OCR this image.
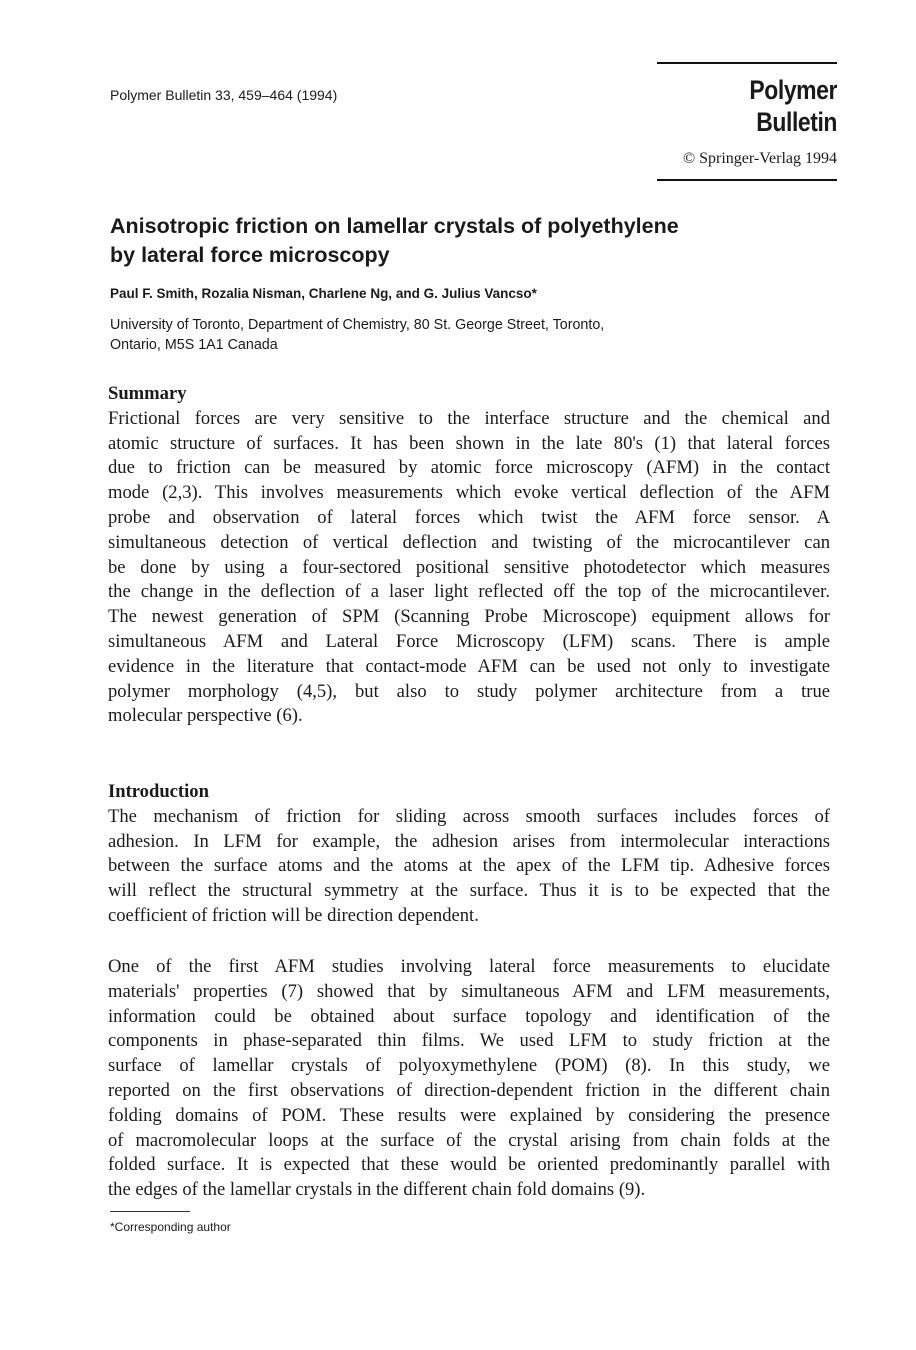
Polymer Bulletin 33, 459–464 (1994)	Polymer Bulletin
© Springer-Verlag 1994
Anisotropic friction on lamellar crystals of polyethylene
by lateral force microscopy
Paul F. Smith, Rozalia Nisman, Charlene Ng, and G. Julius Vancso*
University of Toronto, Department of Chemistry, 80 St. George Street, Toronto,
Ontario, M5S 1A1 Canada
Summary

Frictional forces are very sensitive to the interface structure and the chemical and
atomic structure of surfaces. It has been shown in the late 80's (1) that lateral forces
due to friction can be measured by atomic force microscopy (AFM) in the contact
mode (2,3). This involves measurements which evoke vertical deflection of the AFM
probe and observation of lateral forces which twist the AFM force sensor. A
simultaneous detection of vertical deflection and twisting of the microcantilever can
be done by using a four-sectored positional sensitive photodetector which measures
the change in the deflection of a laser light reflected off the top of the microcantilever.
The newest generation of SPM (Scanning Probe Microscope) equipment allows for
simultaneous AFM and Lateral Force Microscopy (LFM) scans. There is ample
evidence in the literature that contact-mode AFM can be used not only to investigate
polymer morphology (4,5), but also to study polymer architecture from a true
molecular perspective (6).

Introduction

The mechanism of friction for sliding across smooth surfaces includes forces of
adhesion. In LFM for example, the adhesion arises from intermolecular interactions
between the surface atoms and the atoms at the apex of the LFM tip. Adhesive forces
will reflect the structural symmetry at the surface. Thus it is to be expected that the
coefficient of friction will be direction dependent.

One of the first AFM studies involving lateral force measurements to elucidate
materials' properties (7) showed that by simultaneous AFM and LFM measurements,
information could be obtained about surface topology and identification of the
components in phase-separated thin films. We used LFM to study friction at the
surface of lamellar crystals of polyoxymethylene (POM) (8). In this study, we
reported on the first observations of direction-dependent friction in the different chain
folding domains of POM. These results were explained by considering the presence
of macromolecular loops at the surface of the crystal arising from chain folds at the
folded surface. It is expected that these would be oriented predominantly parallel with
the edges of the lamellar crystals in the different chain fold domains (9).

*Corresponding author
